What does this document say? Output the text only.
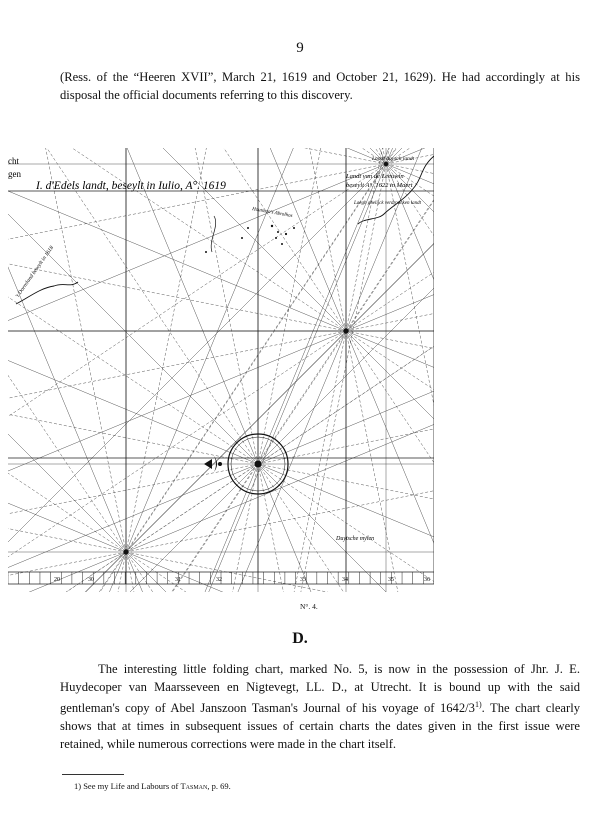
9

(Ress. of the “Heeren XVII”, March 21, 1619 and October 21, 1629). He had accordingly at his disposal the official documents referring to this discovery.

cht
gen
I. d'Edels landt, beseylt in Iulio, A°. 1619
Landt duysch landt
Landt van de Leeuwin
beseylt A°. 1622 in Maert
Laegh ghelijck verdroncken landt
Houtman's Abrolhos
't Dorreland beseylt in 1618
Duytsche mylen
20	30	31	32	33	34	35	36
N°. 4.
D.

The interesting little folding chart, marked No. 5, is now in the possession of Jhr. J. E. Huydecoper van Maarsseveen en Nigtevegt, LL. D., at Utrecht. It is bound up with the said gentleman's copy of Abel Janszoon Tasman's Journal of his voyage of 1642/3$^{1)}$. The chart clearly shows that at times in subsequent issues of certain charts the dates given in the first issue were retained, while numerous corrections were made in the chart itself.

1) See my Life and Labours of Tasman, p. 69.
